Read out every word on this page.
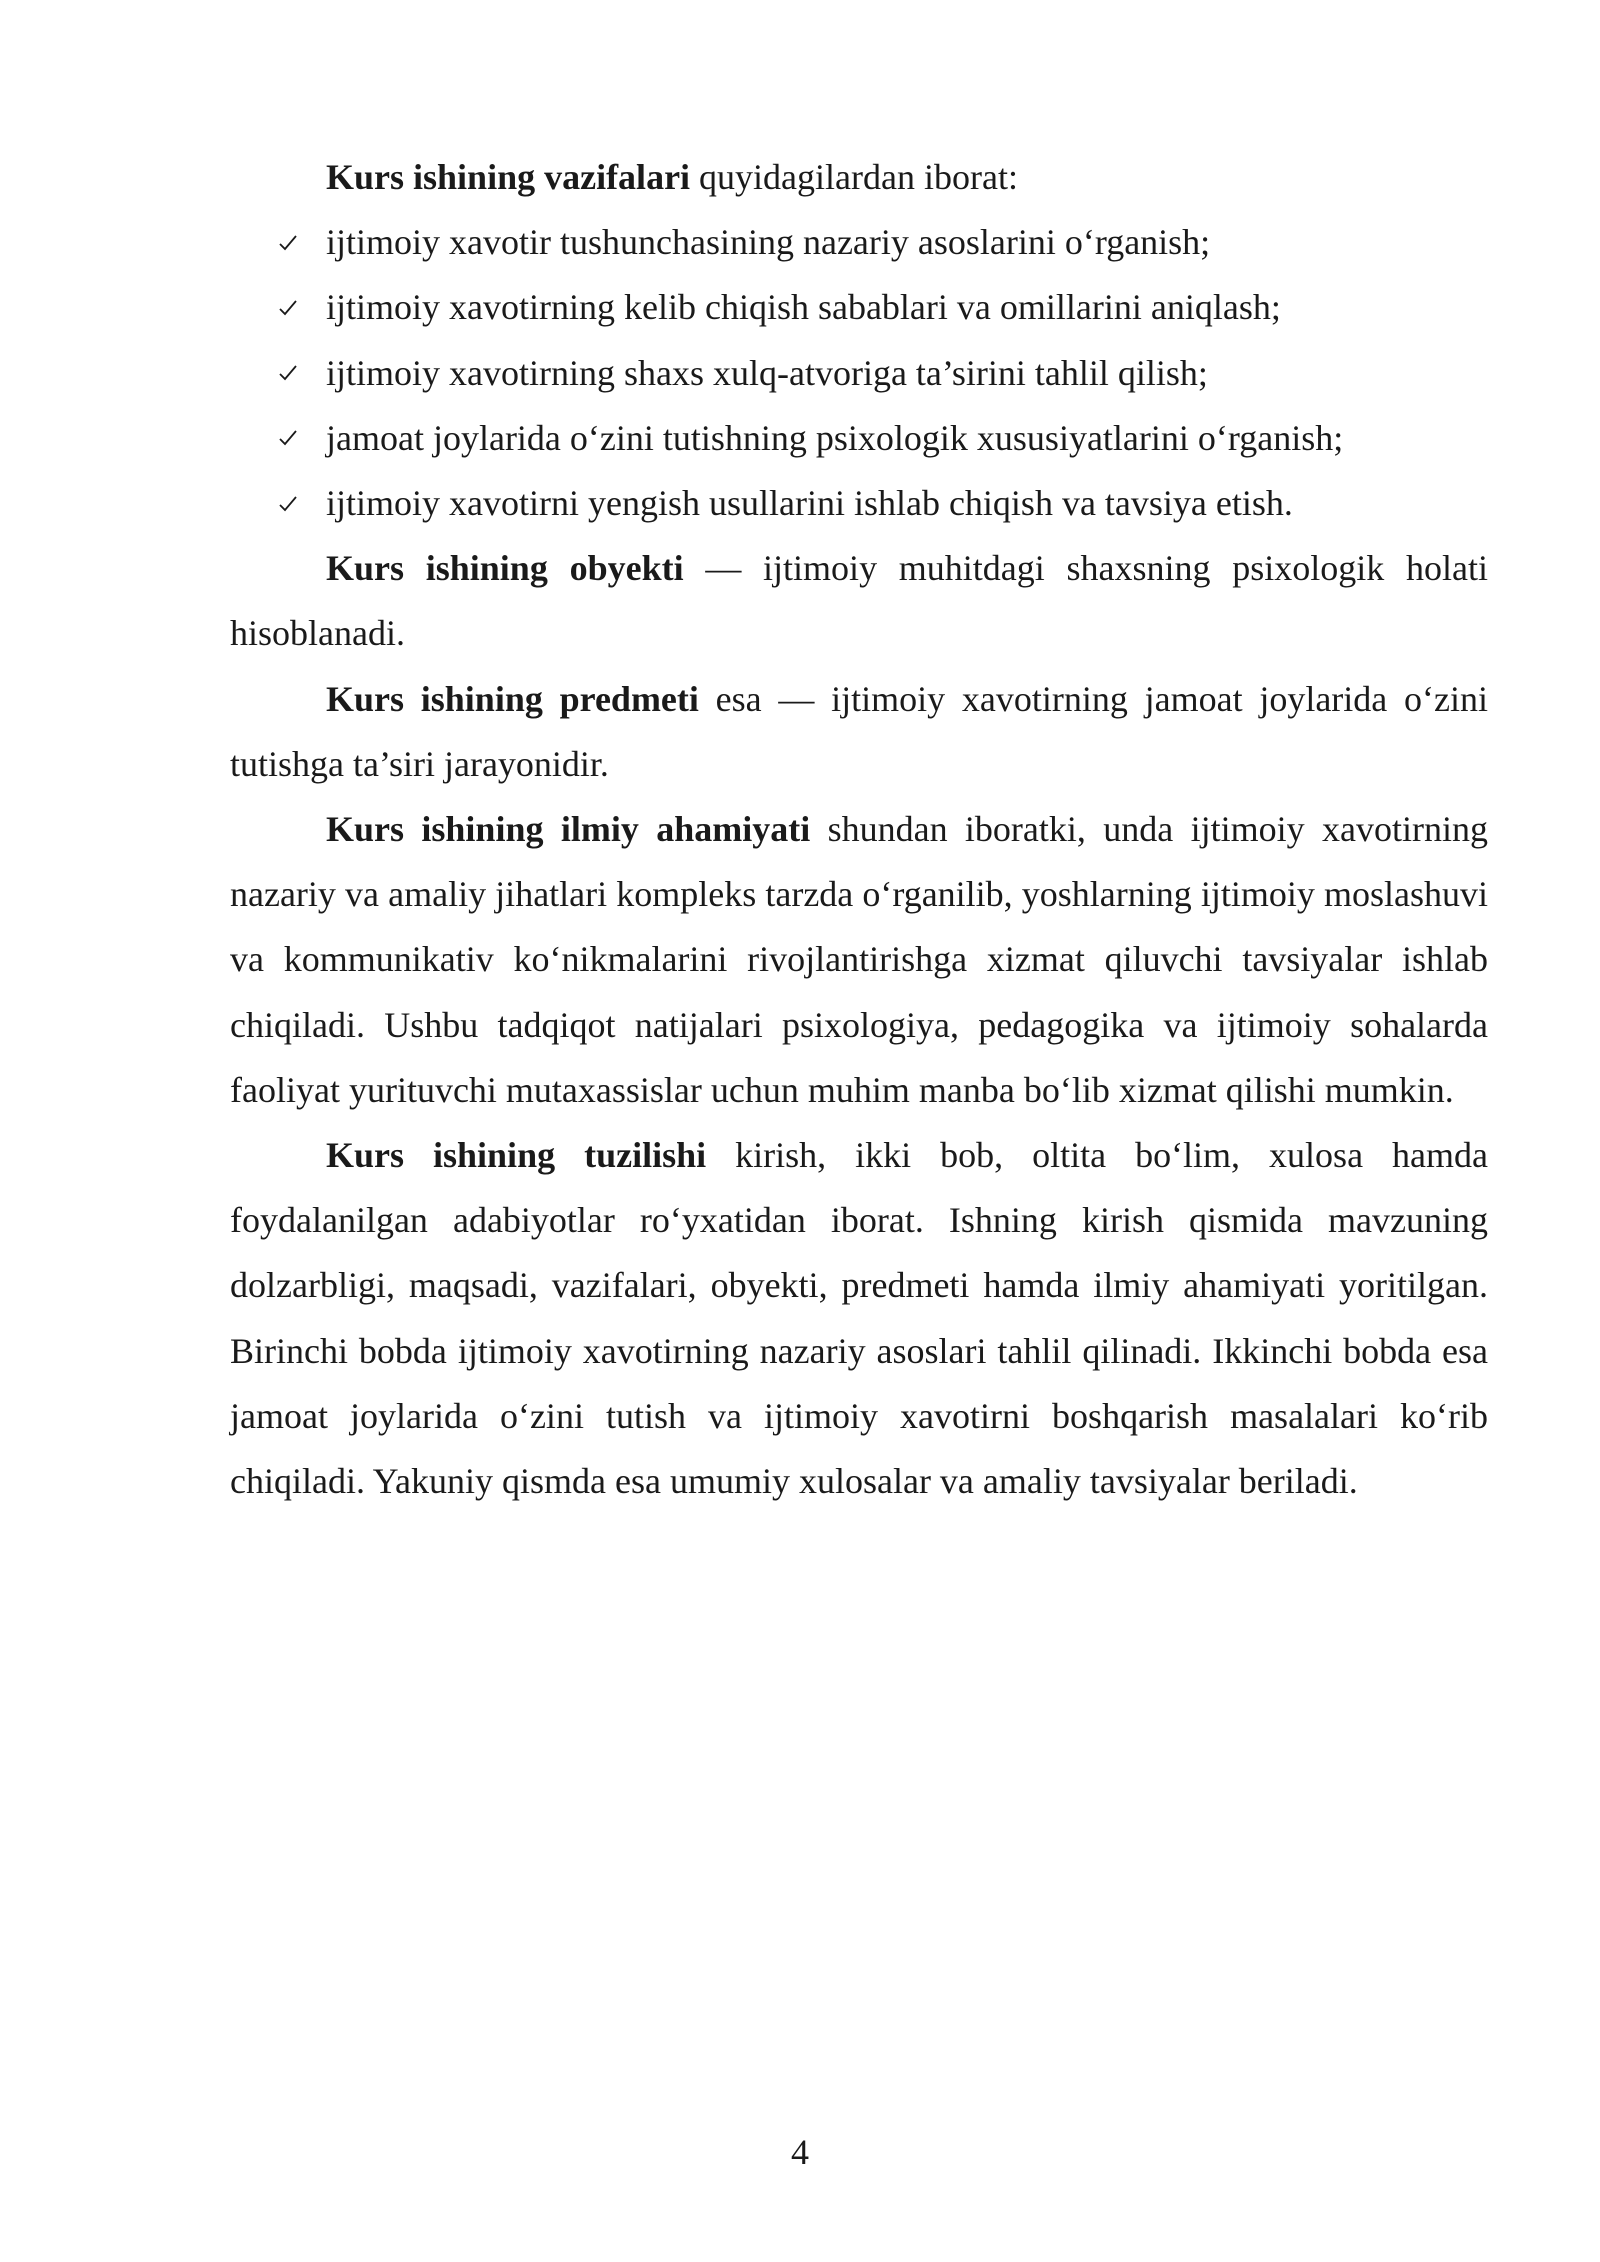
Kurs ishining vazifalari quyidagilardan iborat:

ijtimoiy xavotir tushunchasining nazariy asoslarini o‘rganish;
ijtimoiy xavotirning kelib chiqish sabablari va omillarini aniqlash;
ijtimoiy xavotirning shaxs xulq-atvoriga ta’sirini tahlil qilish;
jamoat joylarida o‘zini tutishning psixologik xususiyatlarini o‘rganish;
ijtimoiy xavotirni yengish usullarini ishlab chiqish va tavsiya etish.

Kurs ishining obyekti — ijtimoiy muhitdagi shaxsning psixologik holati hisoblanadi.

Kurs ishining predmeti esa — ijtimoiy xavotirning jamoat joylarida o‘zini tutishga ta’siri jarayonidir.

Kurs ishining ilmiy ahamiyati shundan iboratki, unda ijtimoiy xavotirning nazariy va amaliy jihatlari kompleks tarzda o‘rganilib, yoshlarning ijtimoiy moslashuvi va kommunikativ ko‘nikmalarini rivojlantirishga xizmat qiluvchi tavsiyalar ishlab chiqiladi. Ushbu tadqiqot natijalari psixologiya, pedagogika va ijtimoiy sohalarda faoliyat yurituvchi mutaxassislar uchun muhim manba bo‘lib xizmat qilishi mumkin.

Kurs ishining tuzilishi kirish, ikki bob, oltita bo‘lim, xulosa hamda foydalanilgan adabiyotlar ro‘yxatidan iborat. Ishning kirish qismida mavzuning dolzarbligi, maqsadi, vazifalari, obyekti, predmeti hamda ilmiy ahamiyati yoritilgan. Birinchi bobda ijtimoiy xavotirning nazariy asoslari tahlil qilinadi. Ikkinchi bobda esa jamoat joylarida o‘zini tutish va ijtimoiy xavotirni boshqarish masalalari ko‘rib chiqiladi. Yakuniy qismda esa umumiy xulosalar va amaliy tavsiyalar beriladi.

4
